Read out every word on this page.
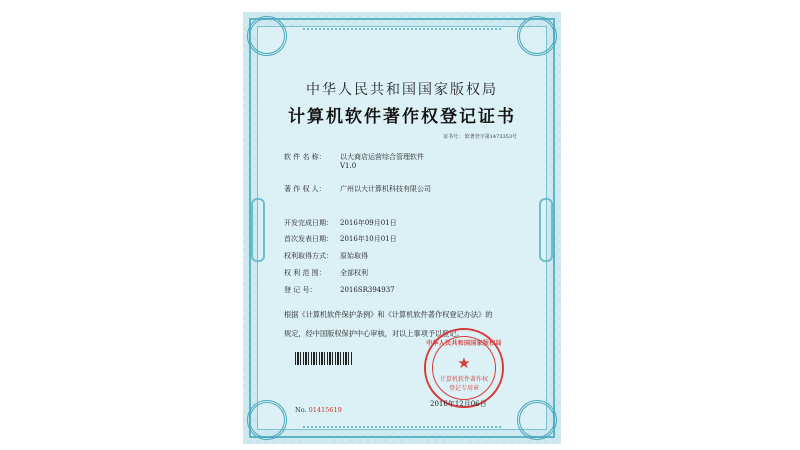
中华人民共和国国家版权局
计算机软件著作权登记证书
证书号： 软著登字第1473353号
软 件 名 称： 以大商店运营综合管理软件
V1.0
著 作 权 人： 广州以大计算机科技有限公司
开发完成日期： 2016年09月01日
首次发表日期： 2016年10月01日
权利取得方式： 原始取得
权 利 范 围： 全部权利
登 记 号：	2016SR394937
根据《计算机软件保护条例》和《计算机软件著作权登记办法》的
规定，经中国版权保护中心审核，对以上事项予以登记。
No. 01415619
中华人民共和国国家版权局
★
计算机软件著作权
登记专用章
2016年12月06日
